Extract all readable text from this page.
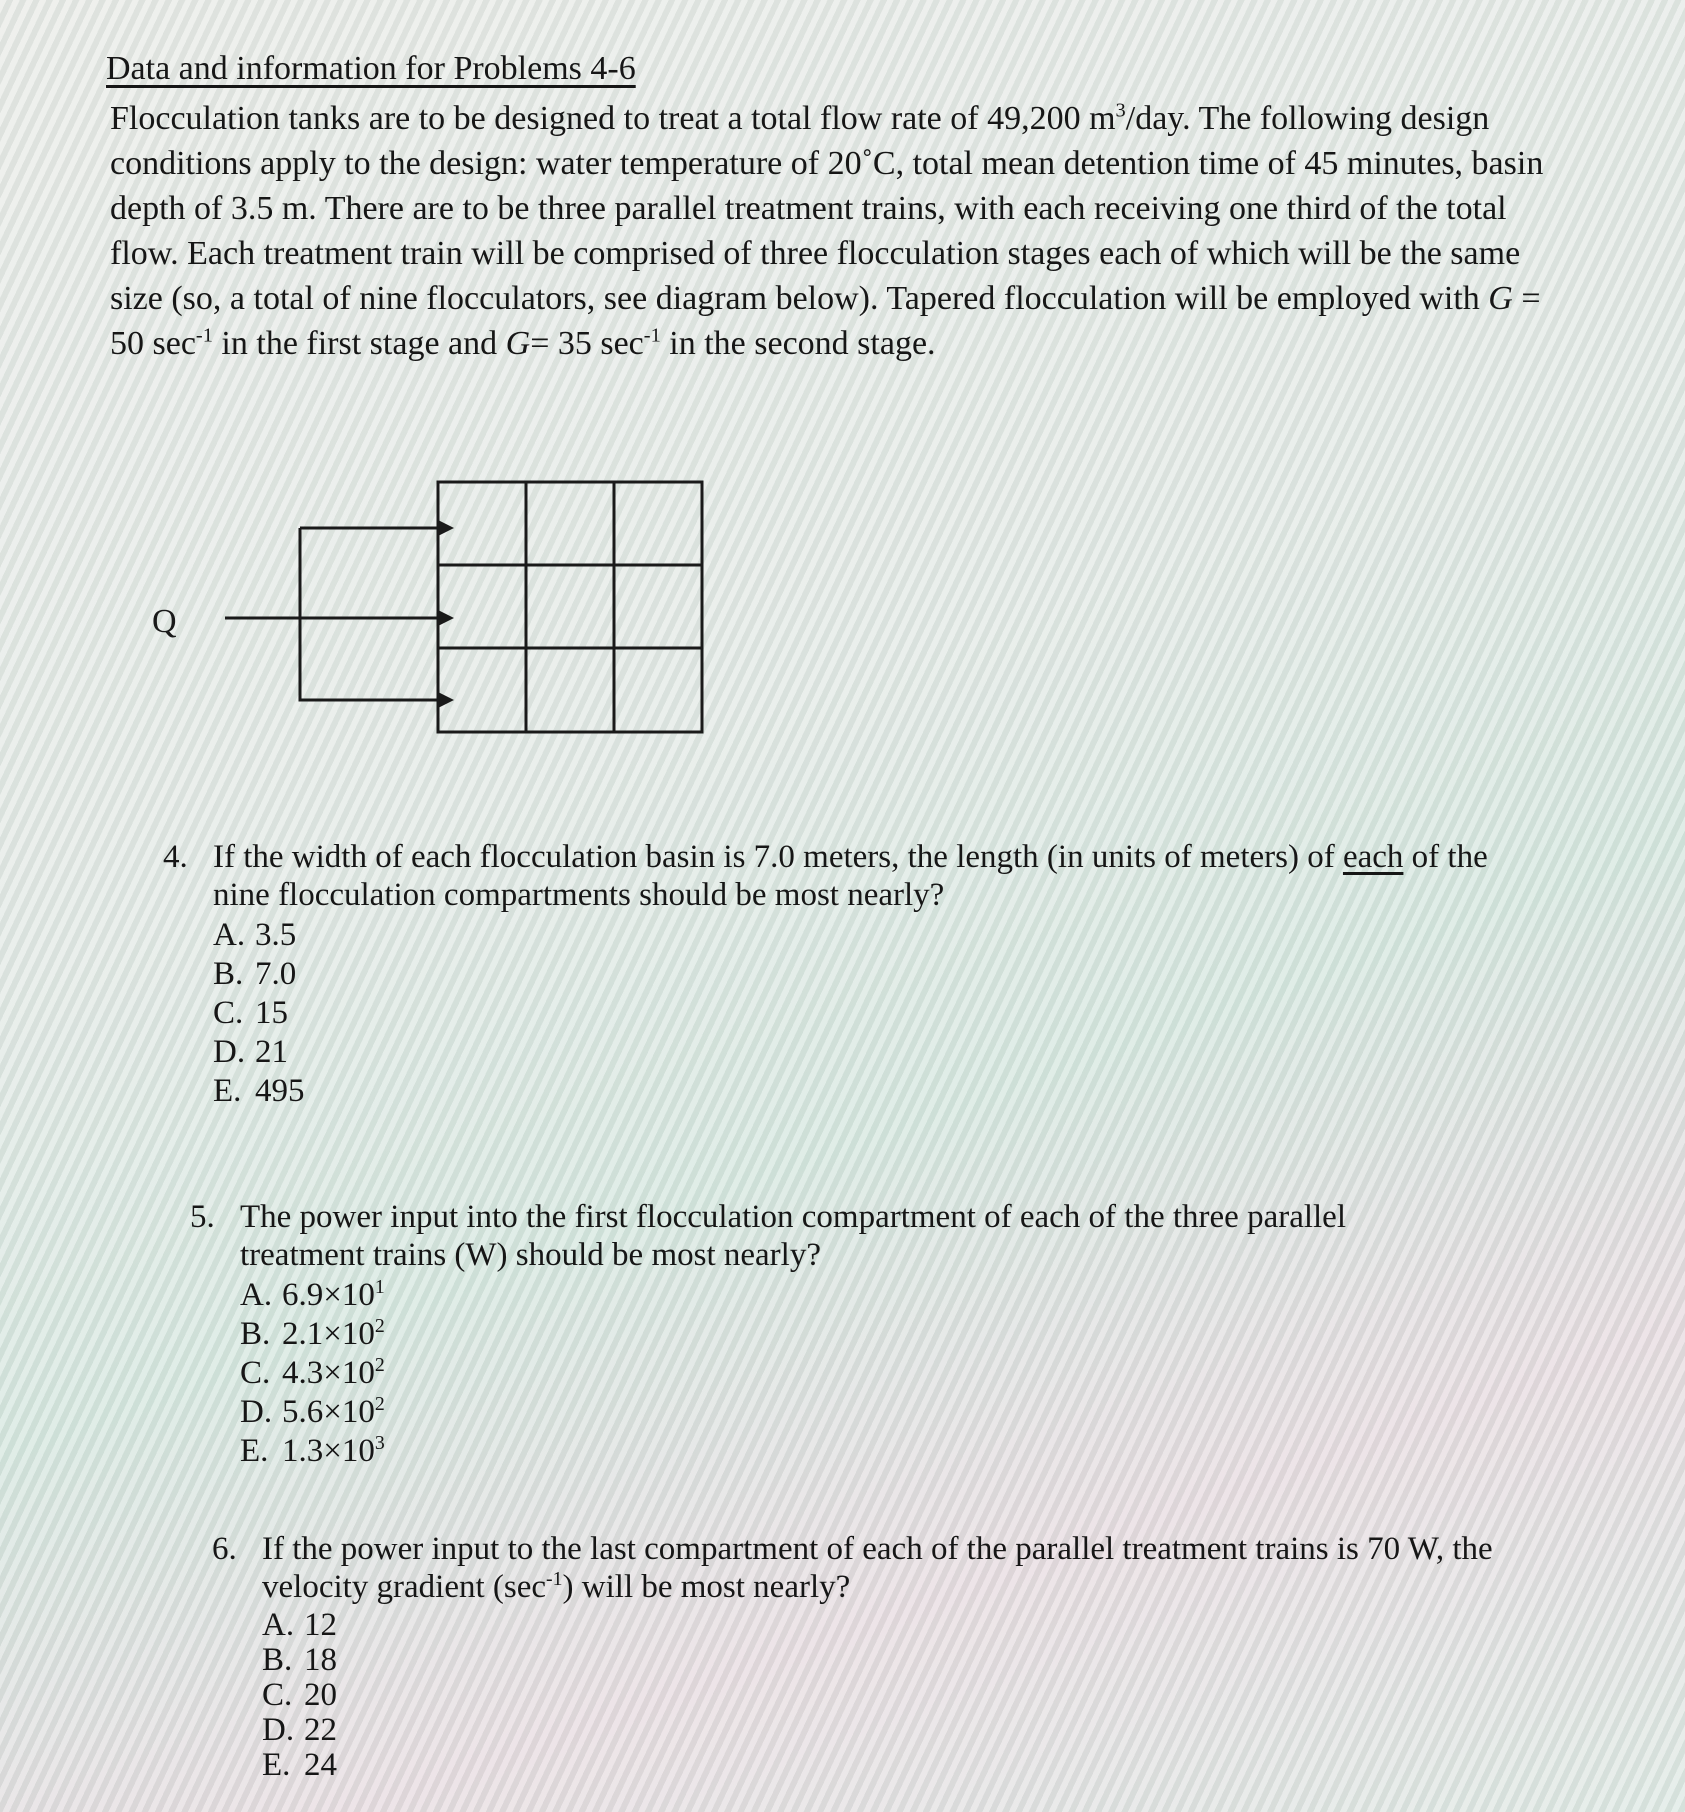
Data and information for Problems 4-6
Flocculation tanks are to be designed to treat a total flow rate of 49,200 $m^3$/day. The following design conditions apply to the design: water temperature of 20˚C, total mean detention time of 45 minutes, basin depth of 3.5 m. There are to be three parallel treatment trains, with each receiving one third of the total flow. Each treatment train will be comprised of three flocculation stages each of which will be the same size (so, a total of nine flocculators, see diagram below). Tapered flocculation will be employed with G = 50 $\sec^{-1}$ in the first stage and G= 35 $\sec^{-1}$ in the second stage.
Q
4. If the width of each flocculation basin is 7.0 meters, the length (in units of meters) of each of the nine flocculation compartments should be most nearly?
A. 3.5
B. 7.0
C. 15
D. 21
E. 495
5. The power input into the first flocculation compartment of each of the three parallel treatment trains (W) should be most nearly?
A. $6.9\times 10^1$
B. $2.1\times 10^2$
C. $4.3\times 10^2$
D. $5.6\times 10^2$
E. $1.3\times 10^3$
6. If the power input to the last compartment of each of the parallel treatment trains is 70 W, the velocity gradient $(\sec^{-1})$ will be most nearly?
A. 12
B. 18
C. 20
D. 22
E. 24
